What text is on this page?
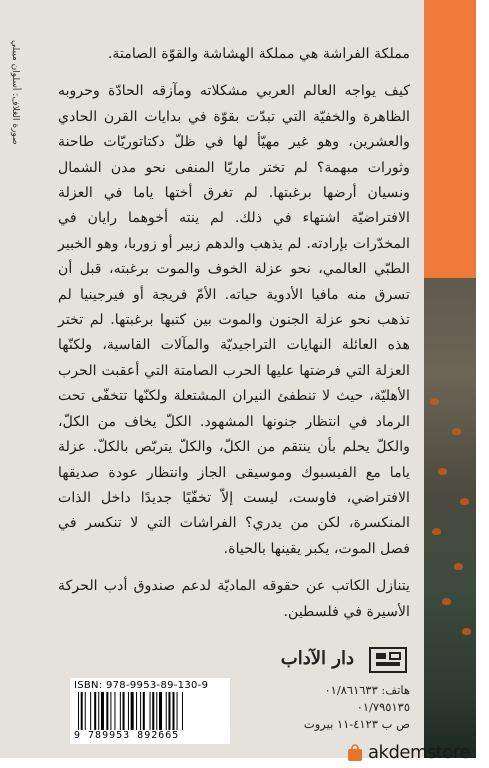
صورة الغلاف: أسلوان ميبلي	مملكة الفراشة هي مملكة الهشاشة والقوّة الصامتة.

كيف يواجه العالم العربي مشكلاته ومآزقه الحادّة وحروبه الظاهرة والخفيّة التي تبدّت بقوّة في بدايات القرن الحادي والعشرين، وهو غير مهيّأ لها في ظلّ دكتاتوريّات طاحنة وثورات مبهمة؟ لم تختر ماريّا المنفى نحو مدن الشمال ونسيان أرضها برغبتها. لم تغرق أختها ياما في العزلة الافتراضيّة اشتهاء في ذلك. لم ينته أخوهما رايان في المخدّرات بإرادته. لم يذهب والدهم زبير أو زوربا، وهو الخبير الطبّي العالمي، نحو عزلة الخوف والموت برغبته، قبل أن تسرق منه مافيا الأدوية حياته. الأمّ فريجة أو فيرجينيا لم تذهب نحو عزلة الجنون والموت بين كتبها برغبتها. لم تختر هذه العائلة النهايات التراجيديّة والمآلات القاسية، ولكنّها العزلة التي فرضتها عليها الحرب الصامتة التي أعقبت الحرب الأهليّة، حيث لا تنطفئ النيران المشتعلة ولكنّها تتخفّى تحت الرماد في انتظار جنونها المشهود. الكلّ يخاف من الكلّ، والكلّ يحلم بأن ينتقم من الكلّ، والكلّ يتربّص بالكلّ. عزلة ياما مع الفيسبوك وموسيقى الجاز وانتظار عودة صديقها الافتراضي، فاوست، ليست إلاّ تخفّيًا جديدًا داخل الذات المنكسرة، لكن من يدري؟ الفراشات التي لا تنكسر في فصل الموت، يكبر يقينها بالحياة.

يتنازل الكاتب عن حقوقه الماديّة لدعم صندوق أدب الحركة الأسيرة في فلسطين.

دار الآداب
هاتف: ٠١/٨٦١٦٣٣
٠١/٧٩٥١٣٥
ص ب ٤١٢٣-١١ بيروت
ISBN: 978-9953-89-130-9
9 789953 892665
akdemstore
